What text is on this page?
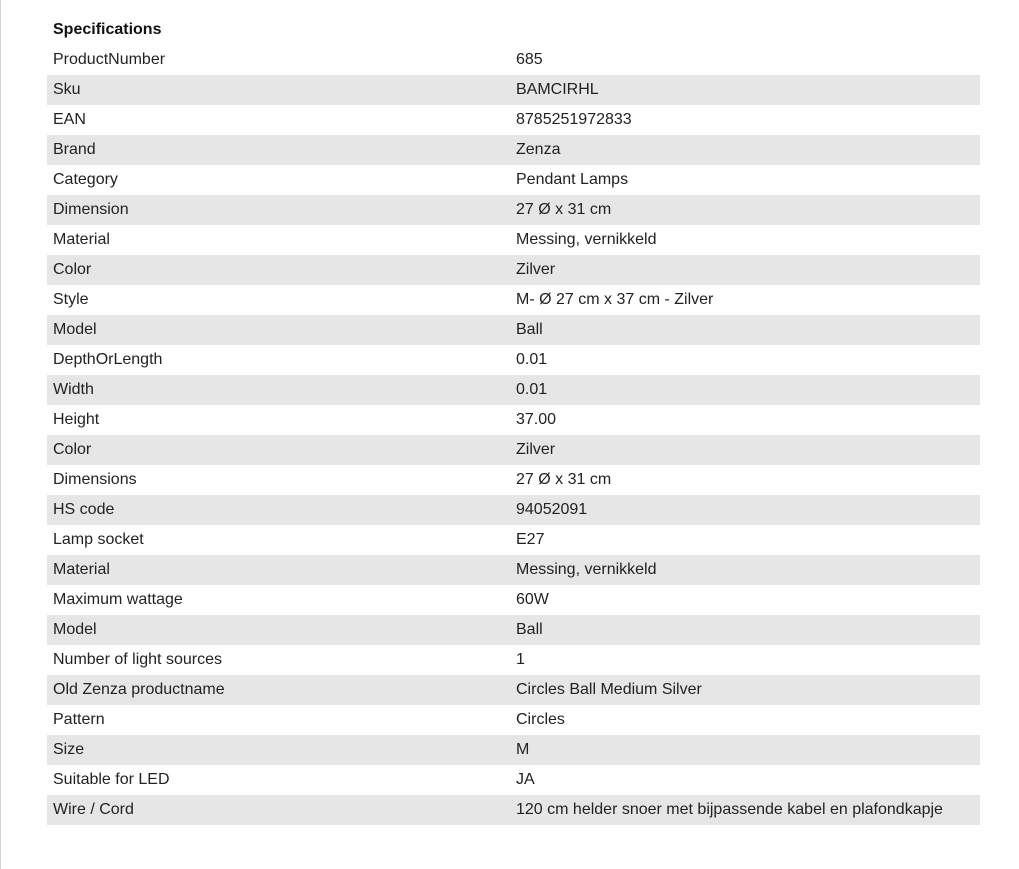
Specifications
ProductNumber	685
Sku	BAMCIRHL
EAN	8785251972833
Brand	Zenza
Category	Pendant Lamps
Dimension	27 Ø x 31 cm
Material	Messing, vernikkeld
Color	Zilver
Style	M- Ø 27 cm x 37 cm - Zilver
Model	Ball
DepthOrLength	0.01
Width	0.01
Height	37.00
Color	Zilver
Dimensions	27 Ø x 31 cm
HS code	94052091
Lamp socket	E27
Material	Messing, vernikkeld
Maximum wattage	60W
Model	Ball
Number of light sources	1
Old Zenza productname	Circles Ball Medium Silver
Pattern	Circles
Size	M
Suitable for LED	JA
Wire / Cord	120 cm helder snoer met bijpassende kabel en plafondkapje
